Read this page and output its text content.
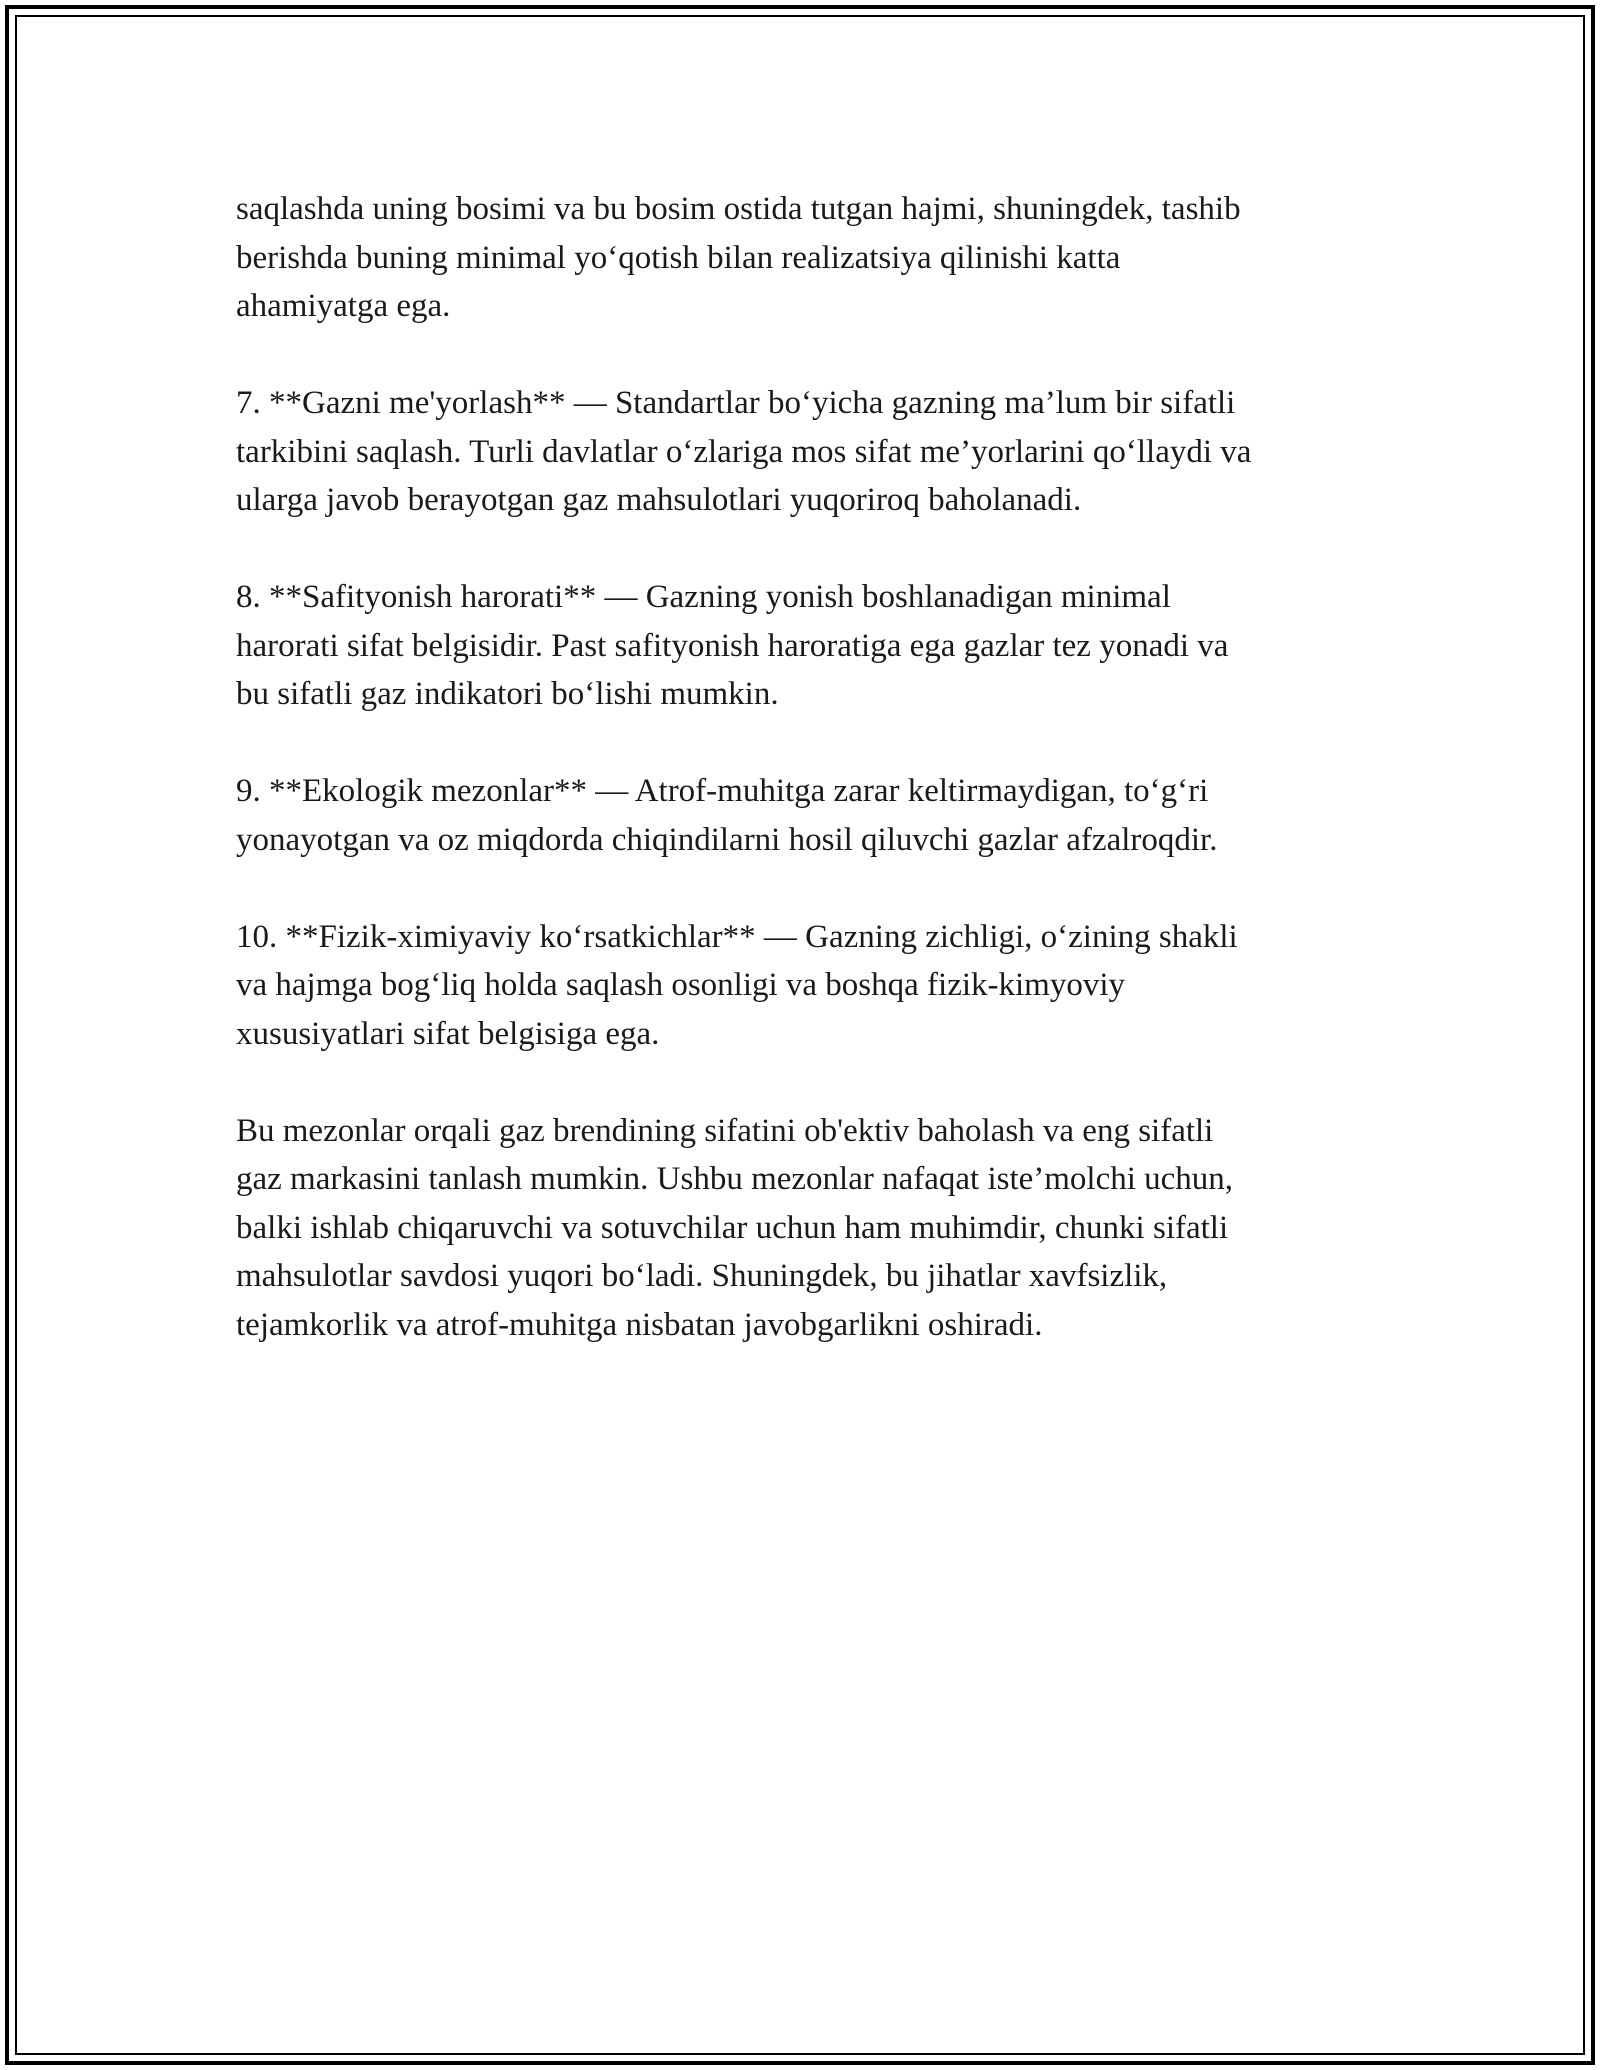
saqlashda uning bosimi va bu bosim ostida tutgan hajmi, shuningdek, tashib
berishda buning minimal yo‘qotish bilan realizatsiya qilinishi katta
ahamiyatga ega.

7. **Gazni me'yorlash** — Standartlar bo‘yicha gazning ma’lum bir sifatli
tarkibini saqlash. Turli davlatlar o‘zlariga mos sifat me’yorlarini qo‘llaydi va
ularga javob berayotgan gaz mahsulotlari yuqoriroq baholanadi.

8. **Safityonish harorati** — Gazning yonish boshlanadigan minimal
harorati sifat belgisidir. Past safityonish haroratiga ega gazlar tez yonadi va
bu sifatli gaz indikatori bo‘lishi mumkin.

9. **Ekologik mezonlar** — Atrof-muhitga zarar keltirmaydigan, to‘g‘ri
yonayotgan va oz miqdorda chiqindilarni hosil qiluvchi gazlar afzalroqdir.

10. **Fizik-ximiyaviy ko‘rsatkichlar** — Gazning zichligi, o‘zining shakli
va hajmga bog‘liq holda saqlash osonligi va boshqa fizik-kimyoviy
xususiyatlari sifat belgisiga ega.

Bu mezonlar orqali gaz brendining sifatini ob'ektiv baholash va eng sifatli
gaz markasini tanlash mumkin. Ushbu mezonlar nafaqat iste’molchi uchun,
balki ishlab chiqaruvchi va sotuvchilar uchun ham muhimdir, chunki sifatli
mahsulotlar savdosi yuqori bo‘ladi. Shuningdek, bu jihatlar xavfsizlik,
tejamkorlik va atrof-muhitga nisbatan javobgarlikni oshiradi.
